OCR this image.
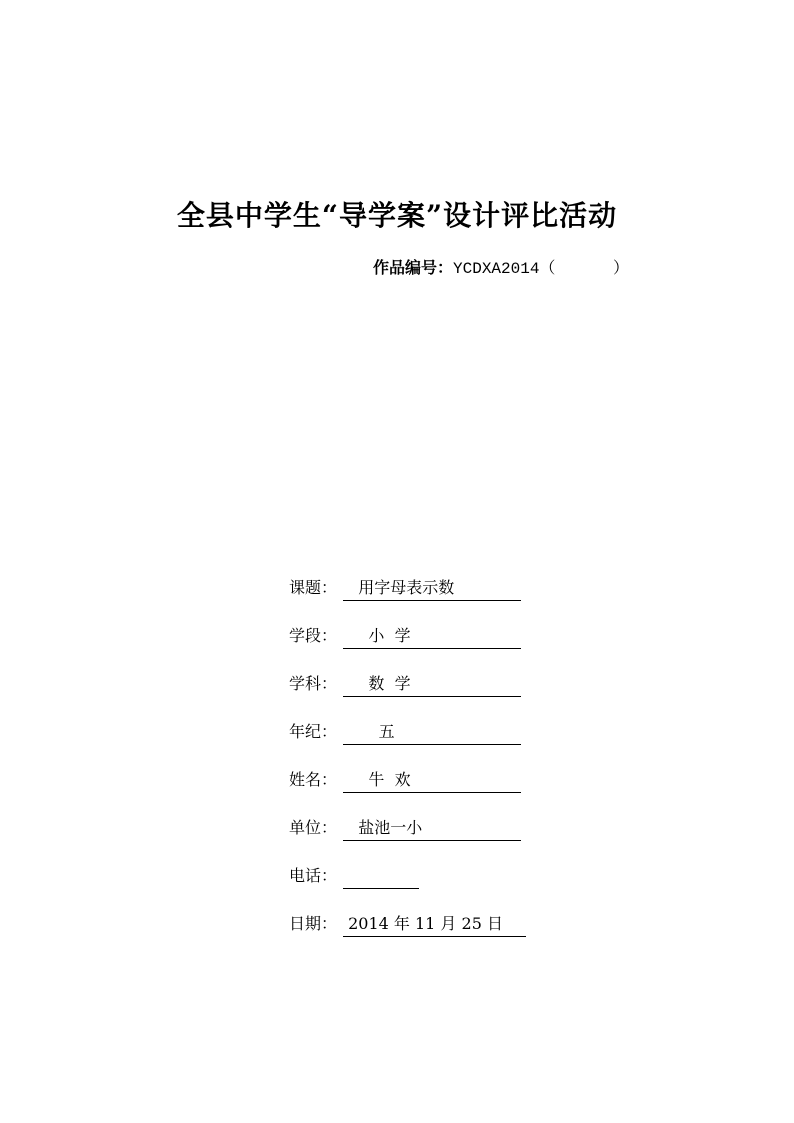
全县中学生“导学案”设计评比活动
作品编号：YCDXA2014（      ）
课题： 用字母表示数
学段： 小  学
学科： 数  学
年纪： 五
姓名： 牛  欢
单位： 盐池一小
电话：
日期： 2014 年 11 月 25 日
